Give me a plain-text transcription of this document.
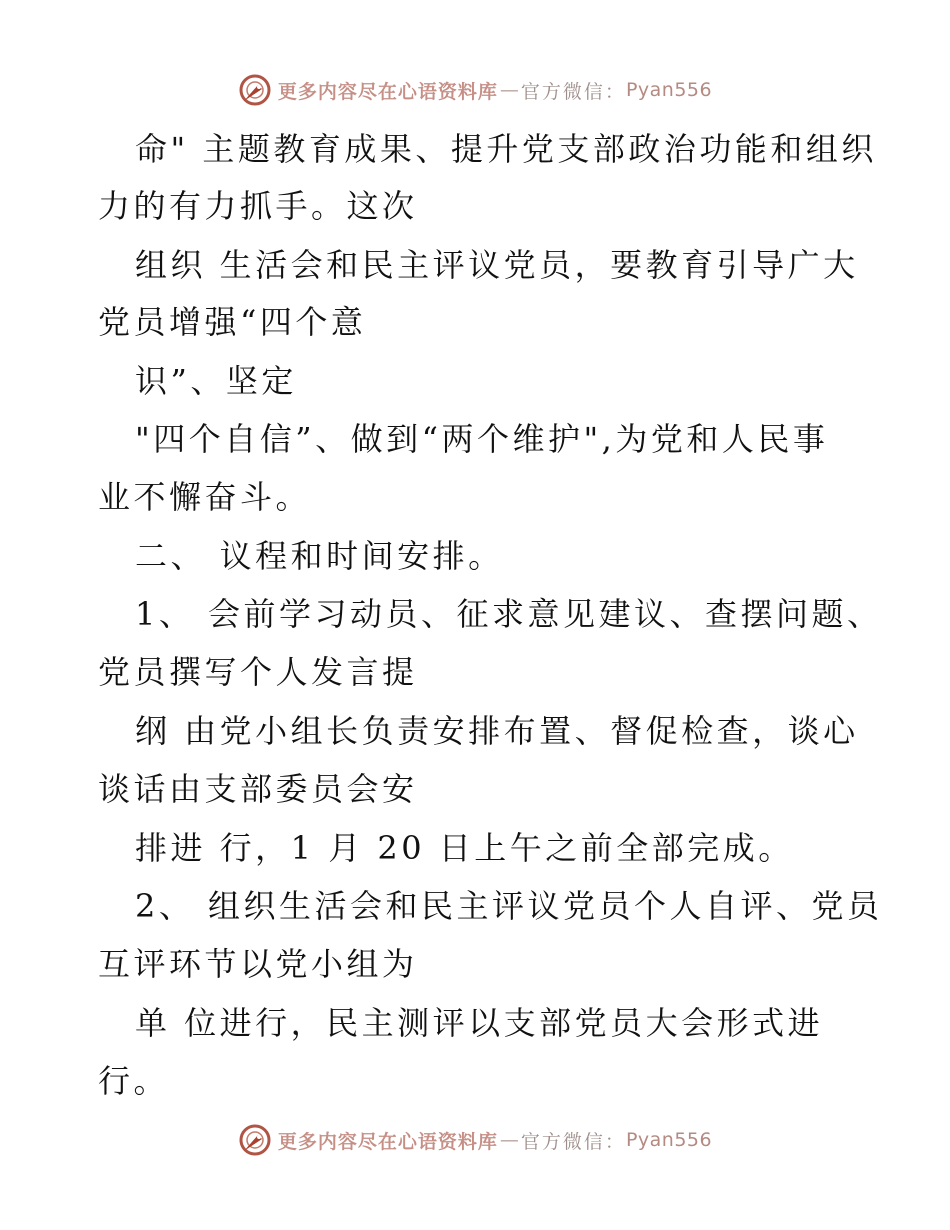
更多内容尽在心语资料库 — 官方微信： Pyan556
命" 主题教育成果、提升党支部政治功能和组织
力的有力抓手。这次
组织 生活会和民主评议党员，要教育引导广大
党员增强“四个意
识”、坚定
"四个自信”、做到“两个维护",为党和人民事
业不懈奋斗。
二、 议程和时间安排。
1、 会前学习动员、征求意见建议、查摆问题、
党员撰写个人发言提
纲 由党小组长负责安排布置、督促检查，谈心
谈话由支部委员会安
排进 行，1 月 20 日上午之前全部完成。
2、 组织生活会和民主评议党员个人自评、党员
互评环节以党小组为
单 位进行，民主测评以支部党员大会形式进
行。
更多内容尽在心语资料库 — 官方微信： Pyan556
